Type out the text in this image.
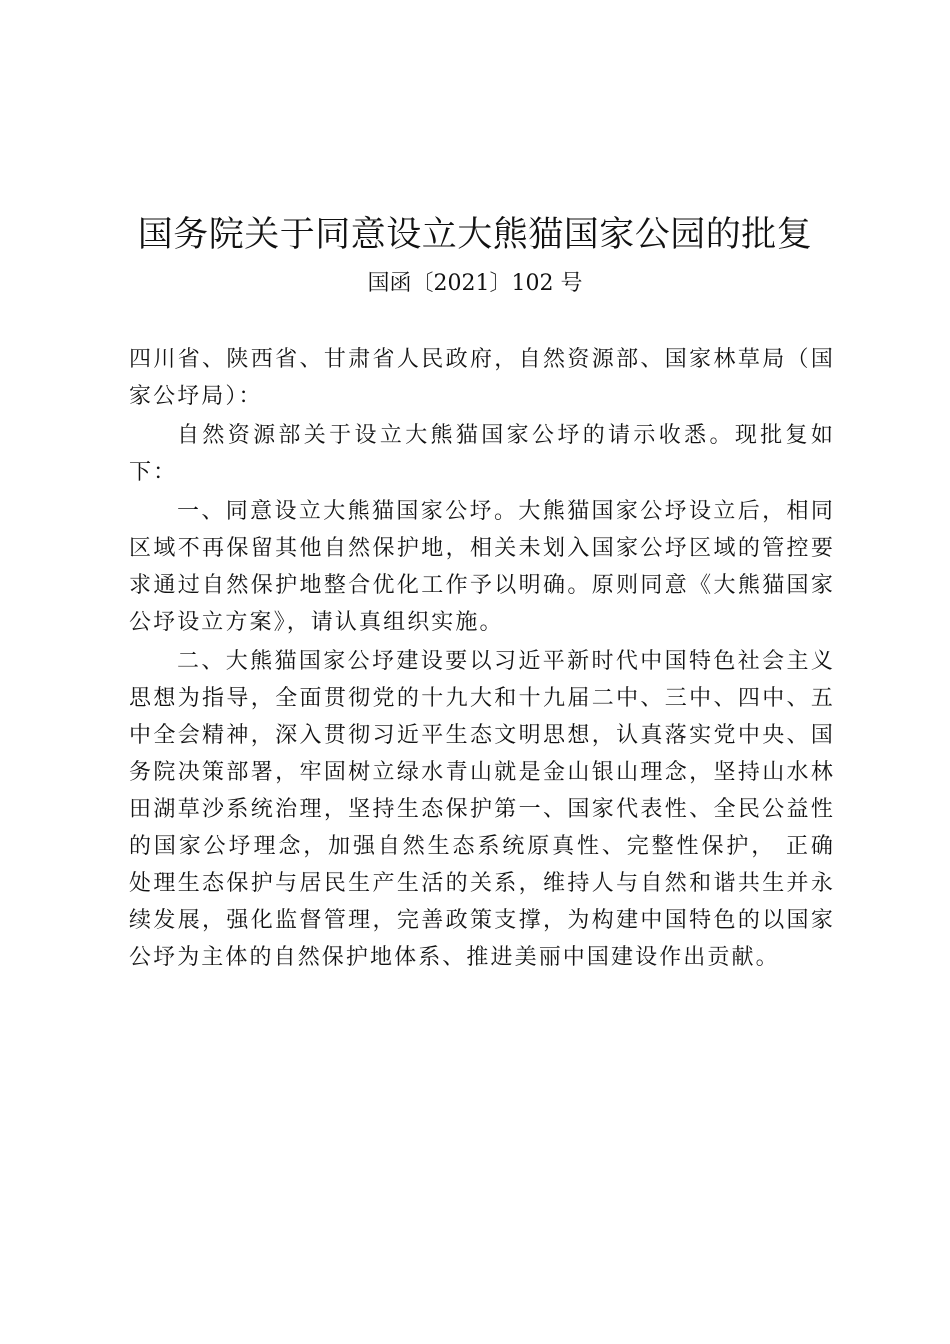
国务院关于同意设立大熊猫国家公园的批复
国函〔2021〕102 号

四川省、陕西省、甘肃省人民政府，自然资源部、国家林草局（国家公㘧局）：

自然资源部关于设立大熊猫国家公㘧的请示收悉。现批复如下：

一、同意设立大熊猫国家公㘧。大熊猫国家公㘧设立后，相同区域不再保留其他自然保护地，相关未划入国家公㘧区域的管控要求通过自然保护地整合优化工作予以明确。原则同意《大熊猫国家公㘧设立方案》，请认真组织实施。

二、大熊猫国家公㘧建设要以习近平新时代中国特色社会主义思想为指导，全面贯彻党的十九大和十九届二中、三中、四中、五中全会精神，深入贯彻习近平生态文明思想，认真落实党中央、国务院决策部署，牢固树立绿水青山就是金山银山理念，坚持山水林田湖草沙系统治理，坚持生态保护第一、国家代表性、全民公益性的国家公㘧理念，加强自然生态系统原真性、完整性保护， 正确处理生态保护与居民生产生活的关系，维持人与自然和谐共生并永续发展，强化监督管理，完善政策支撑，为构建中国特色的以国家公㘧为主体的自然保护地体系、推进美丽中国建设作出贡献。
